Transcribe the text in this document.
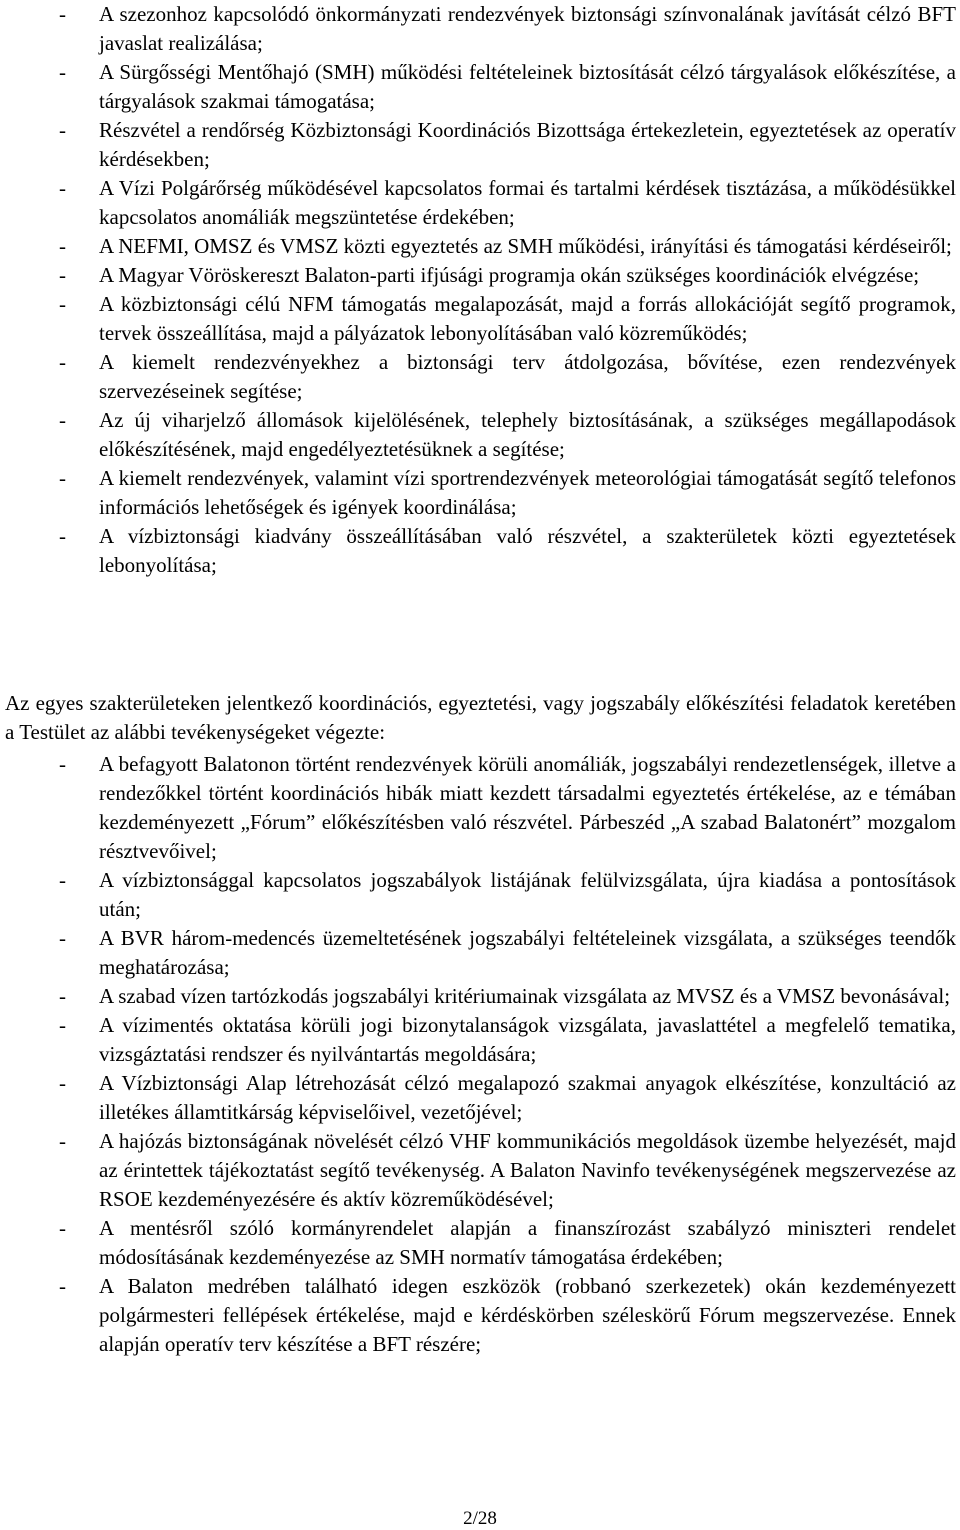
- A szezonhoz kapcsolódó önkormányzati rendezvények biztonsági színvonalának javítását célzó BFT javaslat realizálása;
- A Sürgősségi Mentőhajó (SMH) működési feltételeinek biztosítását célzó tárgyalások előkészítése, a tárgyalások szakmai támogatása;
- Részvétel a rendőrség Közbiztonsági Koordinációs Bizottsága értekezletein, egyeztetések az operatív kérdésekben;
- A Vízi Polgárőrség működésével kapcsolatos formai és tartalmi kérdések tisztázása, a működésükkel kapcsolatos anomáliák megszüntetése érdekében;
- A NEFMI, OMSZ és VMSZ közti egyeztetés az SMH működési, irányítási és támogatási kérdéseiről;
- A Magyar Vöröskereszt Balaton-parti ifjúsági programja okán szükséges koordinációk elvégzése;
- A közbiztonsági célú NFM támogatás megalapozását, majd a forrás allokációját segítő programok, tervek összeállítása, majd a pályázatok lebonyolításában való közreműködés;
- A kiemelt rendezvényekhez a biztonsági terv átdolgozása, bővítése, ezen rendezvények szervezéseinek segítése;
- Az új viharjelző állomások kijelölésének, telephely biztosításának, a szükséges megállapodások előkészítésének, majd engedélyeztetésüknek a segítése;
- A kiemelt rendezvények, valamint vízi sportrendezvények meteorológiai támogatását segítő telefonos információs lehetőségek és igények koordinálása;
- A vízbiztonsági kiadvány összeállításában való részvétel, a szakterületek közti egyeztetések lebonyolítása;

Az egyes szakterületeken jelentkező koordinációs, egyeztetési, vagy jogszabály előkészítési feladatok keretében a Testület az alábbi tevékenységeket végezte:

- A befagyott Balatonon történt rendezvények körüli anomáliák, jogszabályi rendezetlenségek, illetve a rendezőkkel történt koordinációs hibák miatt kezdett társadalmi egyeztetés értékelése, az e témában kezdeményezett „Fórum” előkészítésben való részvétel. Párbeszéd „A szabad Balatonért” mozgalom résztvevőivel;
- A vízbiztonsággal kapcsolatos jogszabályok listájának felülvizsgálata, újra kiadása a pontosítások után;
- A BVR három-medencés üzemeltetésének jogszabályi feltételeinek vizsgálata, a szükséges teendők meghatározása;
- A szabad vízen tartózkodás jogszabályi kritériumainak vizsgálata az MVSZ és a VMSZ bevonásával;
- A vízimentés oktatása körüli jogi bizonytalanságok vizsgálata, javaslattétel a megfelelő tematika, vizsgáztatási rendszer és nyilvántartás megoldására;
- A Vízbiztonsági Alap létrehozását célzó megalapozó szakmai anyagok elkészítése, konzultáció az illetékes államtitkárság képviselőivel, vezetőjével;
- A hajózás biztonságának növelését célzó VHF kommunikációs megoldások üzembe helyezését, majd az érintettek tájékoztatást segítő tevékenység. A Balaton Navinfo tevékenységének megszervezése az RSOE kezdeményezésére és aktív közreműködésével;
- A mentésről szóló kormányrendelet alapján a finanszírozást szabályzó miniszteri rendelet módosításának kezdeményezése az SMH normatív támogatása érdekében;
- A Balaton medrében található idegen eszközök (robbanó szerkezetek) okán kezdeményezett polgármesteri fellépések értékelése, majd e kérdéskörben széleskörű Fórum megszervezése. Ennek alapján operatív terv készítése a BFT részére;
2/28
